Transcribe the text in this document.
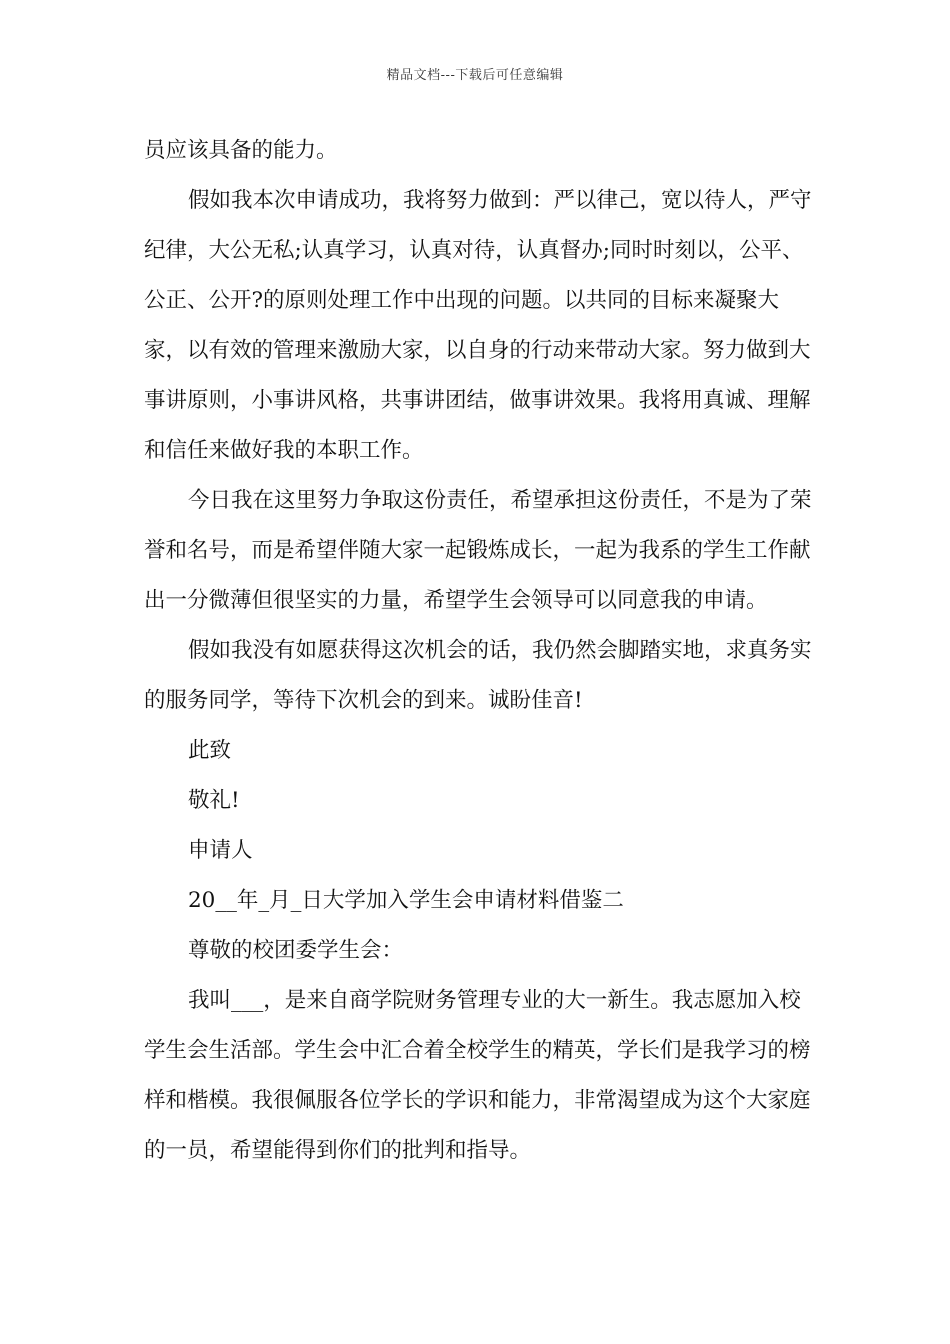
精品文档---下载后可任意编辑

员应该具备的能力。

假如我本次申请成功，我将努力做到：严以律己，宽以待人，严守纪律，大公无私;认真学习，认真对待，认真督办;同时时刻以，公平、公正、公开?的原则处理工作中出现的问题。以共同的目标来凝聚大家，以有效的管理来激励大家，以自身的行动来带动大家。努力做到大事讲原则，小事讲风格，共事讲团结，做事讲效果。我将用真诚、理解和信任来做好我的本职工作。

今日我在这里努力争取这份责任，希望承担这份责任，不是为了荣誉和名号，而是希望伴随大家一起锻炼成长，一起为我系的学生工作献出一分微薄但很坚实的力量，希望学生会领导可以同意我的申请。

假如我没有如愿获得这次机会的话，我仍然会脚踏实地，求真务实的服务同学，等待下次机会的到来。诚盼佳音!

此致

敬礼!

申请人

20__年_月_日大学加入学生会申请材料借鉴二

尊敬的校团委学生会：

我叫___，是来自商学院财务管理专业的大一新生。我志愿加入校学生会生活部。学生会中汇合着全校学生的精英，学长们是我学习的榜样和楷模。我很佩服各位学长的学识和能力，非常渴望成为这个大家庭的一员，希望能得到你们的批判和指导。
